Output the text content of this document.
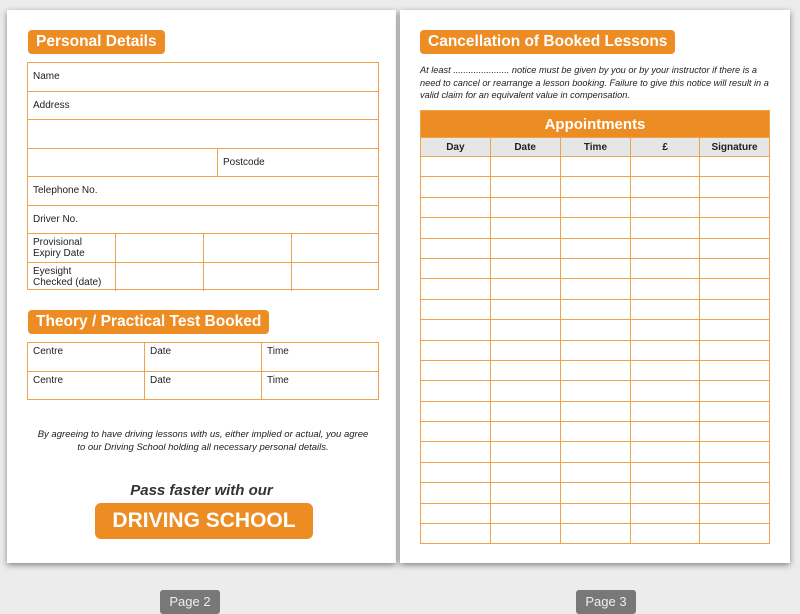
Personal Details
Name
Address
Postcode
Telephone No.
Driver No.
Provisional Expiry Date
Eyesight Checked (date)
Theory / Practical Test Booked
Centre	Date	Time
Centre	Date	Time
By agreeing to have driving lessons with us, either implied or actual, you agree to our Driving School holding all necessary personal details.
Pass faster with our
DRIVING SCHOOL
Cancellation of Booked Lessons
At least ...................... notice must be given by you or by your instructor if there is a need to cancel or rearrange a lesson booking. Failure to give this notice will result in a valid claim for an equivalent value in compensation.
Appointments				
Day	Date	Time	£	Signature

Page 2	Page 3
